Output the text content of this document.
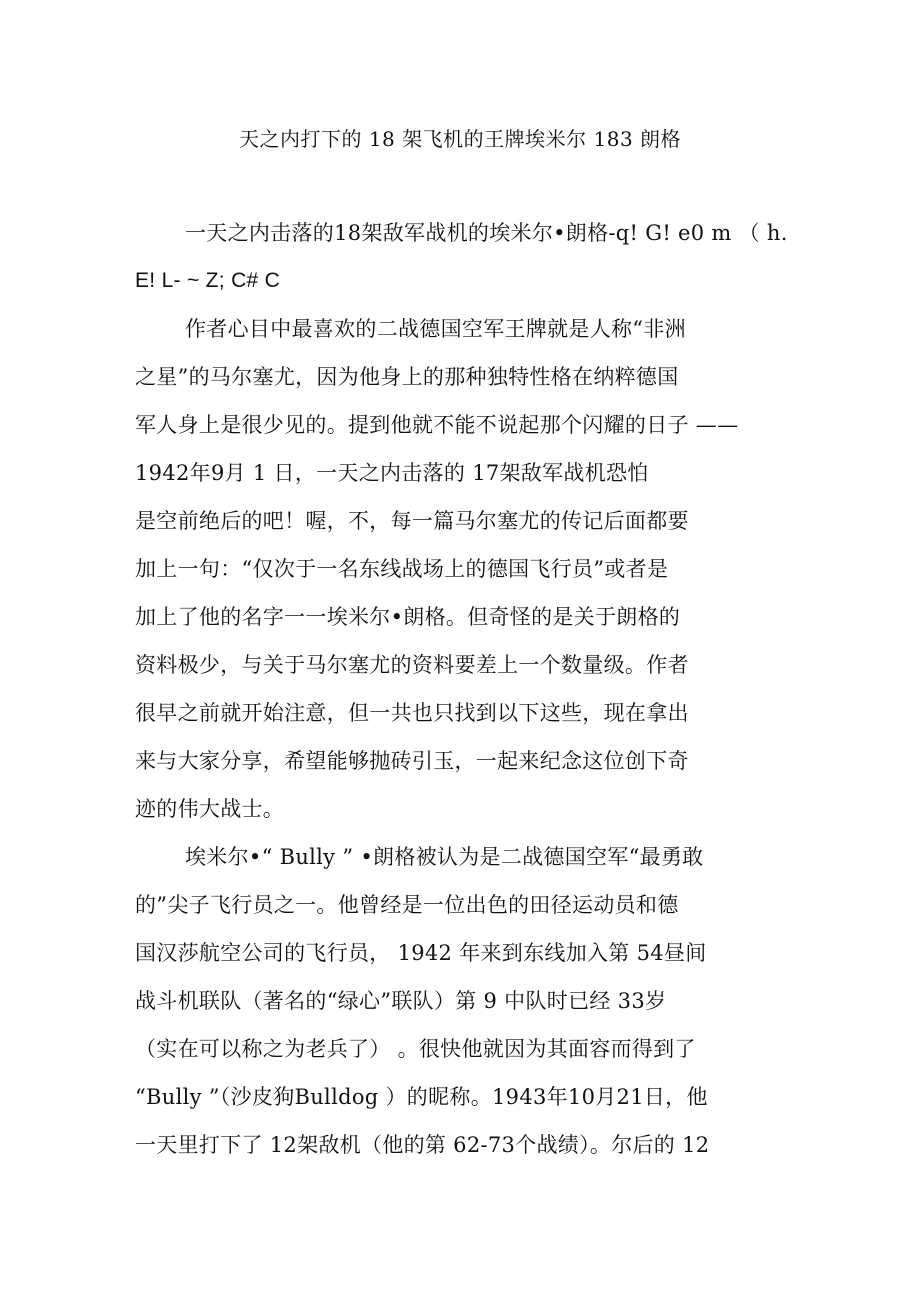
天之内打下的 18 架飞机的王牌埃米尔 183 朗格
一天之内击落的18架敌军战机的埃米尔•朗格-q! G! e0 m （ h.
E! L- ~ Z; C# C
作者心目中最喜欢的二战德国空军王牌就是人称“非洲
之星”的马尔塞尤，因为他身上的那种独特性格在纳粹德国
军人身上是很少见的。提到他就不能不说起那个闪耀的日子 ——
1942年9月 1 日，一天之内击落的 17架敌军战机恐怕
是空前绝后的吧！喔，不，每一篇马尔塞尤的传记后面都要
加上一句：“仅次于一名东线战场上的德国飞行员”或者是
加上了他的名字一一埃米尔•朗格。但奇怪的是关于朗格的
资料极少，与关于马尔塞尤的资料要差上一个数量级。作者
很早之前就开始注意，但一共也只找到以下这些，现在拿出
来与大家分享，希望能够抛砖引玉，一起来纪念这位创下奇
迹的伟大战士。
埃米尔•“ Bully ” •朗格被认为是二战德国空军“最勇敢
的”尖子飞行员之一。他曾经是一位出色的田径运动员和德
国汉莎航空公司的飞行员， 1942 年来到东线加入第 54昼间
战斗机联队（著名的“绿心”联队）第 9 中队时已经 33岁
（实在可以称之为老兵了） 。很快他就因为其面容而得到了
“Bully ”（沙皮狗Bulldog ）的昵称。1943年10月21日，他
一天里打下了 12架敌机（他的第 62-73个战绩）。尔后的 12
